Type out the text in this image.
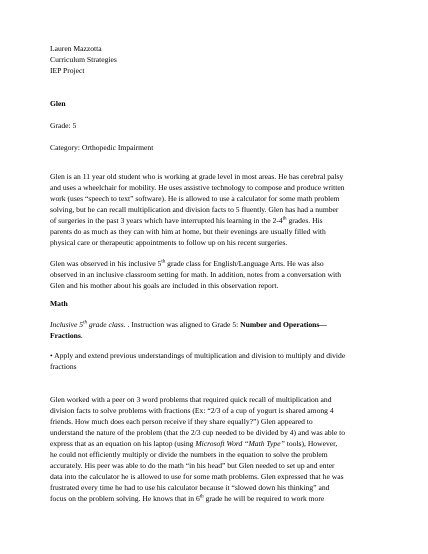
Lauren Mazzotta
Curriculum Strategies
IEP Project
Glen
Grade: 5
Category: Orthopedic Impairment
Glen is an 11 year old student who is working at grade level in most areas. He has cerebral palsy
and uses a wheelchair for mobility. He uses assistive technology to compose and produce written
work (uses “speech to text” software). He is allowed to use a calculator for some math problem
solving, but he can recall multiplication and division facts to 5 fluently. Glen has had a number
of surgeries in the past 3 years which have interrupted his learning in the 2-4th grades. His
parents do as much as they can with him at home, but their evenings are usually filled with
physical care or therapeutic appointments to follow up on his recent surgeries.
Glen was observed in his inclusive 5th grade class for English/Language Arts. He was also
observed in an inclusive classroom setting for math. In addition, notes from a conversation with
Glen and his mother about his goals are included in this observation report.
Math
Inclusive 5th grade class. . Instruction was aligned to Grade 5: Number and Operations—
Fractions.
• Apply and extend previous understandings of multiplication and division to multiply and divide
fractions
Glen worked with a peer on 3 word problems that required quick recall of multiplication and
division facts to solve problems with fractions (Ex: “2/3 of a cup of yogurt is shared among 4
friends. How much does each person receive if they share equally?”) Glen appeared to
understand the nature of the problem (that the 2/3 cup needed to be divided by 4) and was able to
express that as an equation on his laptop (using Microsoft Word “Math Type” tools), However,
he could not efficiently multiply or divide the numbers in the equation to solve the problem
accurately. His peer was able to do the math “in his head” but Glen needed to set up and enter
data into the calculator he is allowed to use for some math problems. Glen expressed that he was
frustrated every time he had to use his calculator because it “slowed down his thinking” and
focus on the problem solving. He knows that in 6th grade he will be required to work more
